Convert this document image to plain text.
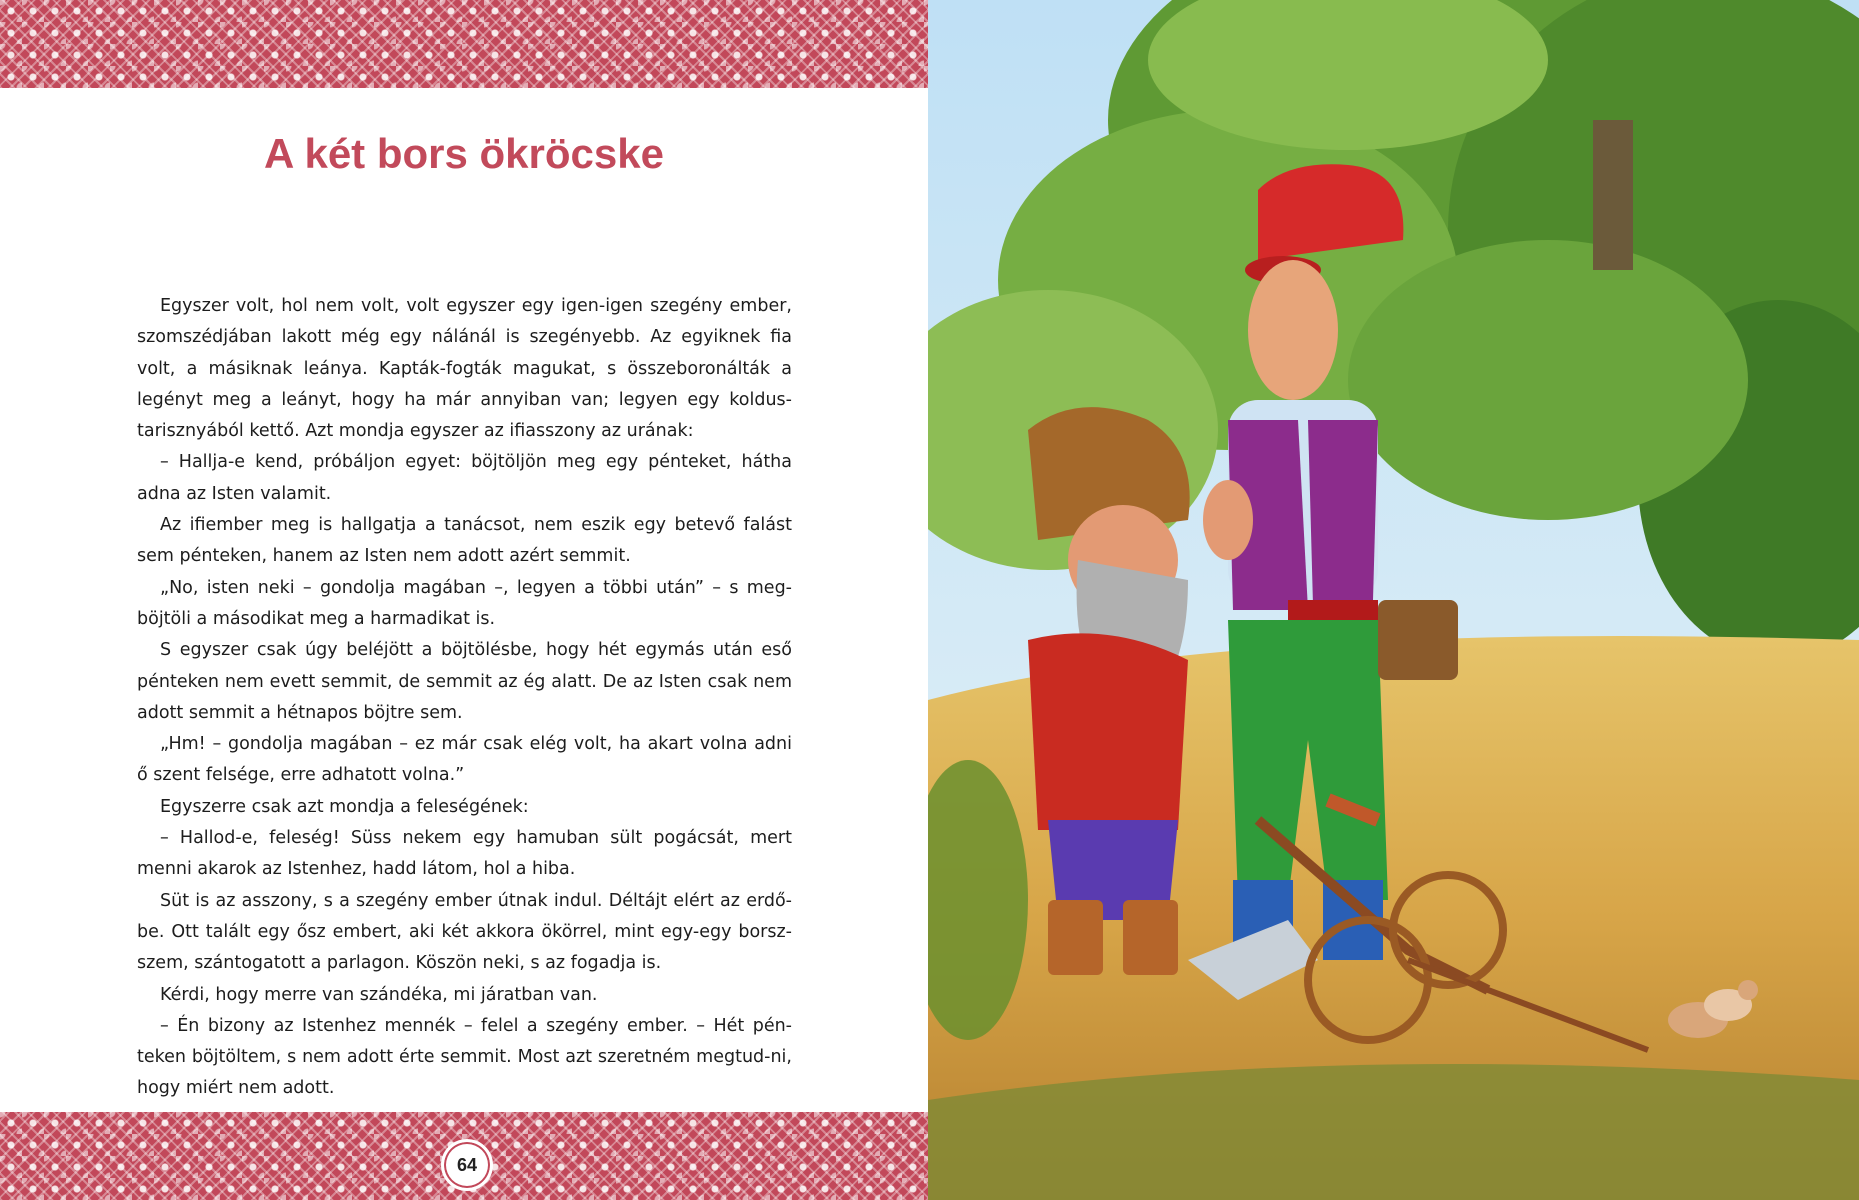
A két bors ökröcske

Egyszer volt, hol nem volt, volt egyszer egy igen-igen szegény ember, szomszédjában lakott még egy nálánál is szegényebb. Az egyiknek fia volt, a másiknak leánya. Kapták-fogták magukat, s összeboronálták a legényt meg a leányt, hogy ha már annyiban van; legyen egy koldus-tarisznyából kettő. Azt mondja egyszer az ifiasszony az urának:

– Hallja-e kend, próbáljon egyet: böjtöljön meg egy pénteket, hátha adna az Isten valamit.

Az ifiember meg is hallgatja a tanácsot, nem eszik egy betevő falást sem pénteken, hanem az Isten nem adott azért semmit.

„No, isten neki – gondolja magában –, legyen a többi után” – s meg-böjtöli a másodikat meg a harmadikat is.

S egyszer csak úgy beléjött a böjtölésbe, hogy hét egymás után eső pénteken nem evett semmit, de semmit az ég alatt. De az Isten csak nem adott semmit a hétnapos böjtre sem.

„Hm! – gondolja magában – ez már csak elég volt, ha akart volna adni ő szent felsége, erre adhatott volna.”

Egyszerre csak azt mondja a feleségének:

– Hallod-e, feleség! Süss nekem egy hamuban sült pogácsát, mert menni akarok az Istenhez, hadd látom, hol a hiba.

Süt is az asszony, s a szegény ember útnak indul. Déltájt elért az erdő-be. Ott talált egy ősz embert, aki két akkora ökörrel, mint egy-egy borsz-szem, szántogatott a parlagon. Köszön neki, s az fogadja is.

Kérdi, hogy merre van szándéka, mi járatban van.

– Én bizony az Istenhez mennék – felel a szegény ember. – Hét pén-teken böjtöltem, s nem adott érte semmit. Most azt szeretném megtud-ni, hogy miért nem adott.

64
